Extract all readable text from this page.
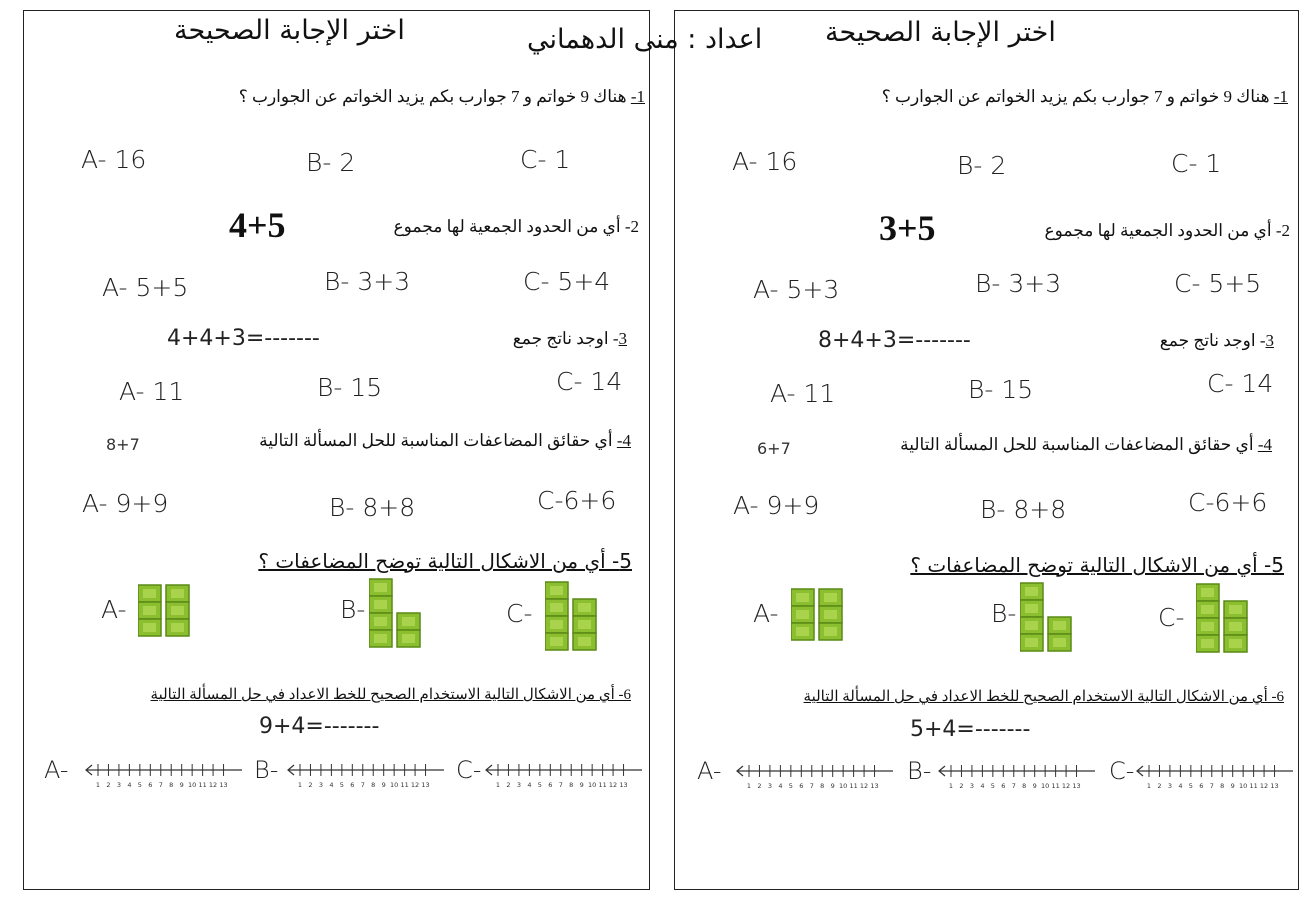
اختر الإجابة الصحيحة
1- هناك 9 خواتم و 7 جوارب بكم يزيد الخواتم عن الجوارب ؟
A- 16	B- 2	C- 1
2- أي من الحدود الجمعية لها مجموع
4+5
A- 5+5	B- 3+3	C- 5+4
3- اوجد ناتج جمع
4+4+3=-------
A- 11	B- 15	C- 14
4- أي حقائق المضاعفات المناسبة للحل المسألة التالية
8+7
A- 9+9	B- 8+8	C-6+6
5- أي من الاشكال التالية توضح المضاعفات ؟
A-	B-	C-
6- أي من الاشكال التالية الاستخدام الصحيح للخط الاعداد في حل المسألة التالية
9+4=-------
A-
1 2 3 4 5 6 7 8 9 10 11 12 13
B-
1 2 3 4 5 6 7 8 9 10 11 12 13
C-
1 2 3 4 5 6 7 8 9 10 11 12 13
اختر الإجابة الصحيحة
1- هناك 9 خواتم و 7 جوارب بكم يزيد الخواتم عن الجوارب ؟
A- 16	B- 2	C- 1
2- أي من الحدود الجمعية لها مجموع
3+5
A- 5+3	B- 3+3	C- 5+5
3- اوجد ناتج جمع
8+4+3=-------
A- 11	B- 15	C- 14
4- أي حقائق المضاعفات المناسبة للحل المسألة التالية
6+7
A- 9+9	B- 8+8	C-6+6
5- أي من الاشكال التالية توضح المضاعفات ؟
A-	B-	C-
6- أي من الاشكال التالية الاستخدام الصحيح للخط الاعداد في حل المسألة التالية
5+4=-------
A-
1 2 3 4 5 6 7 8 9 10 11 12 13
B-
1 2 3 4 5 6 7 8 9 10 11 12 13
C-
1 2 3 4 5 6 7 8 9 10 11 12 13
اعداد : منى الدهماني
